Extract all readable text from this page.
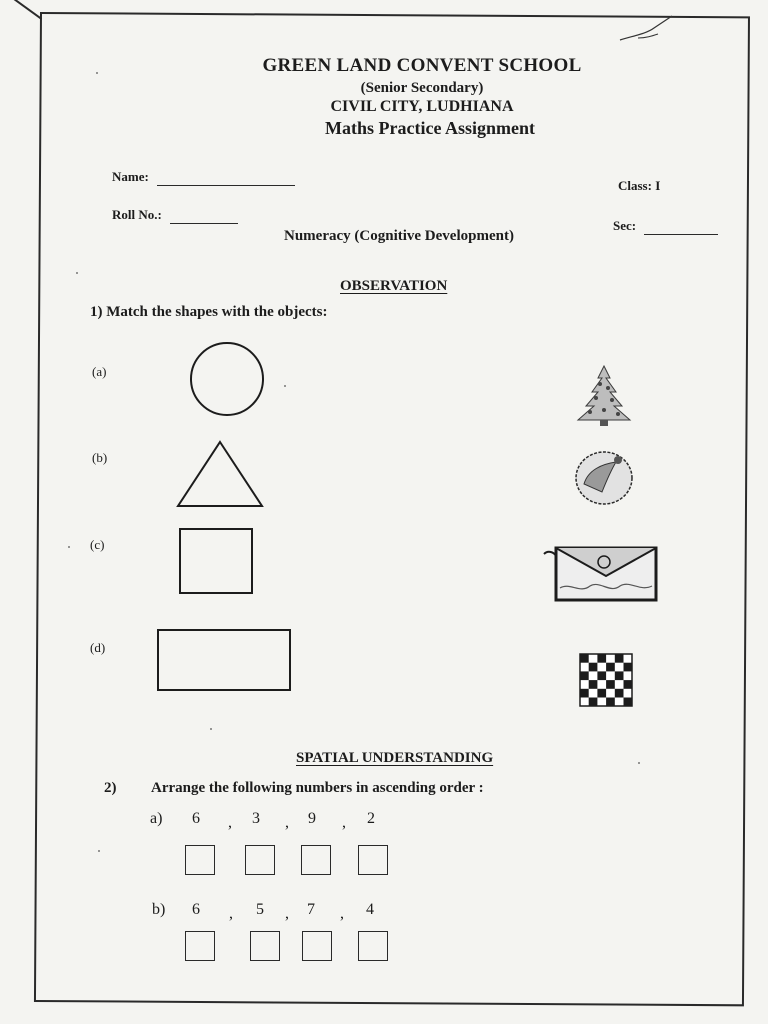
GREEN LAND CONVENT SCHOOL
(Senior Secondary)
CIVIL CITY, LUDHIANA
Maths Practice Assignment
Name:
Class: I
Roll No.:
Sec:
Numeracy (Cognitive Development)
OBSERVATION
1) Match the shapes with the objects:
(a)
(b)
(c)
(d)
SPATIAL UNDERSTANDING
2) Arrange the following numbers in ascending order :
a) 6 , 3 , 9 , 2
b) 6 , 5 , 7 , 4
